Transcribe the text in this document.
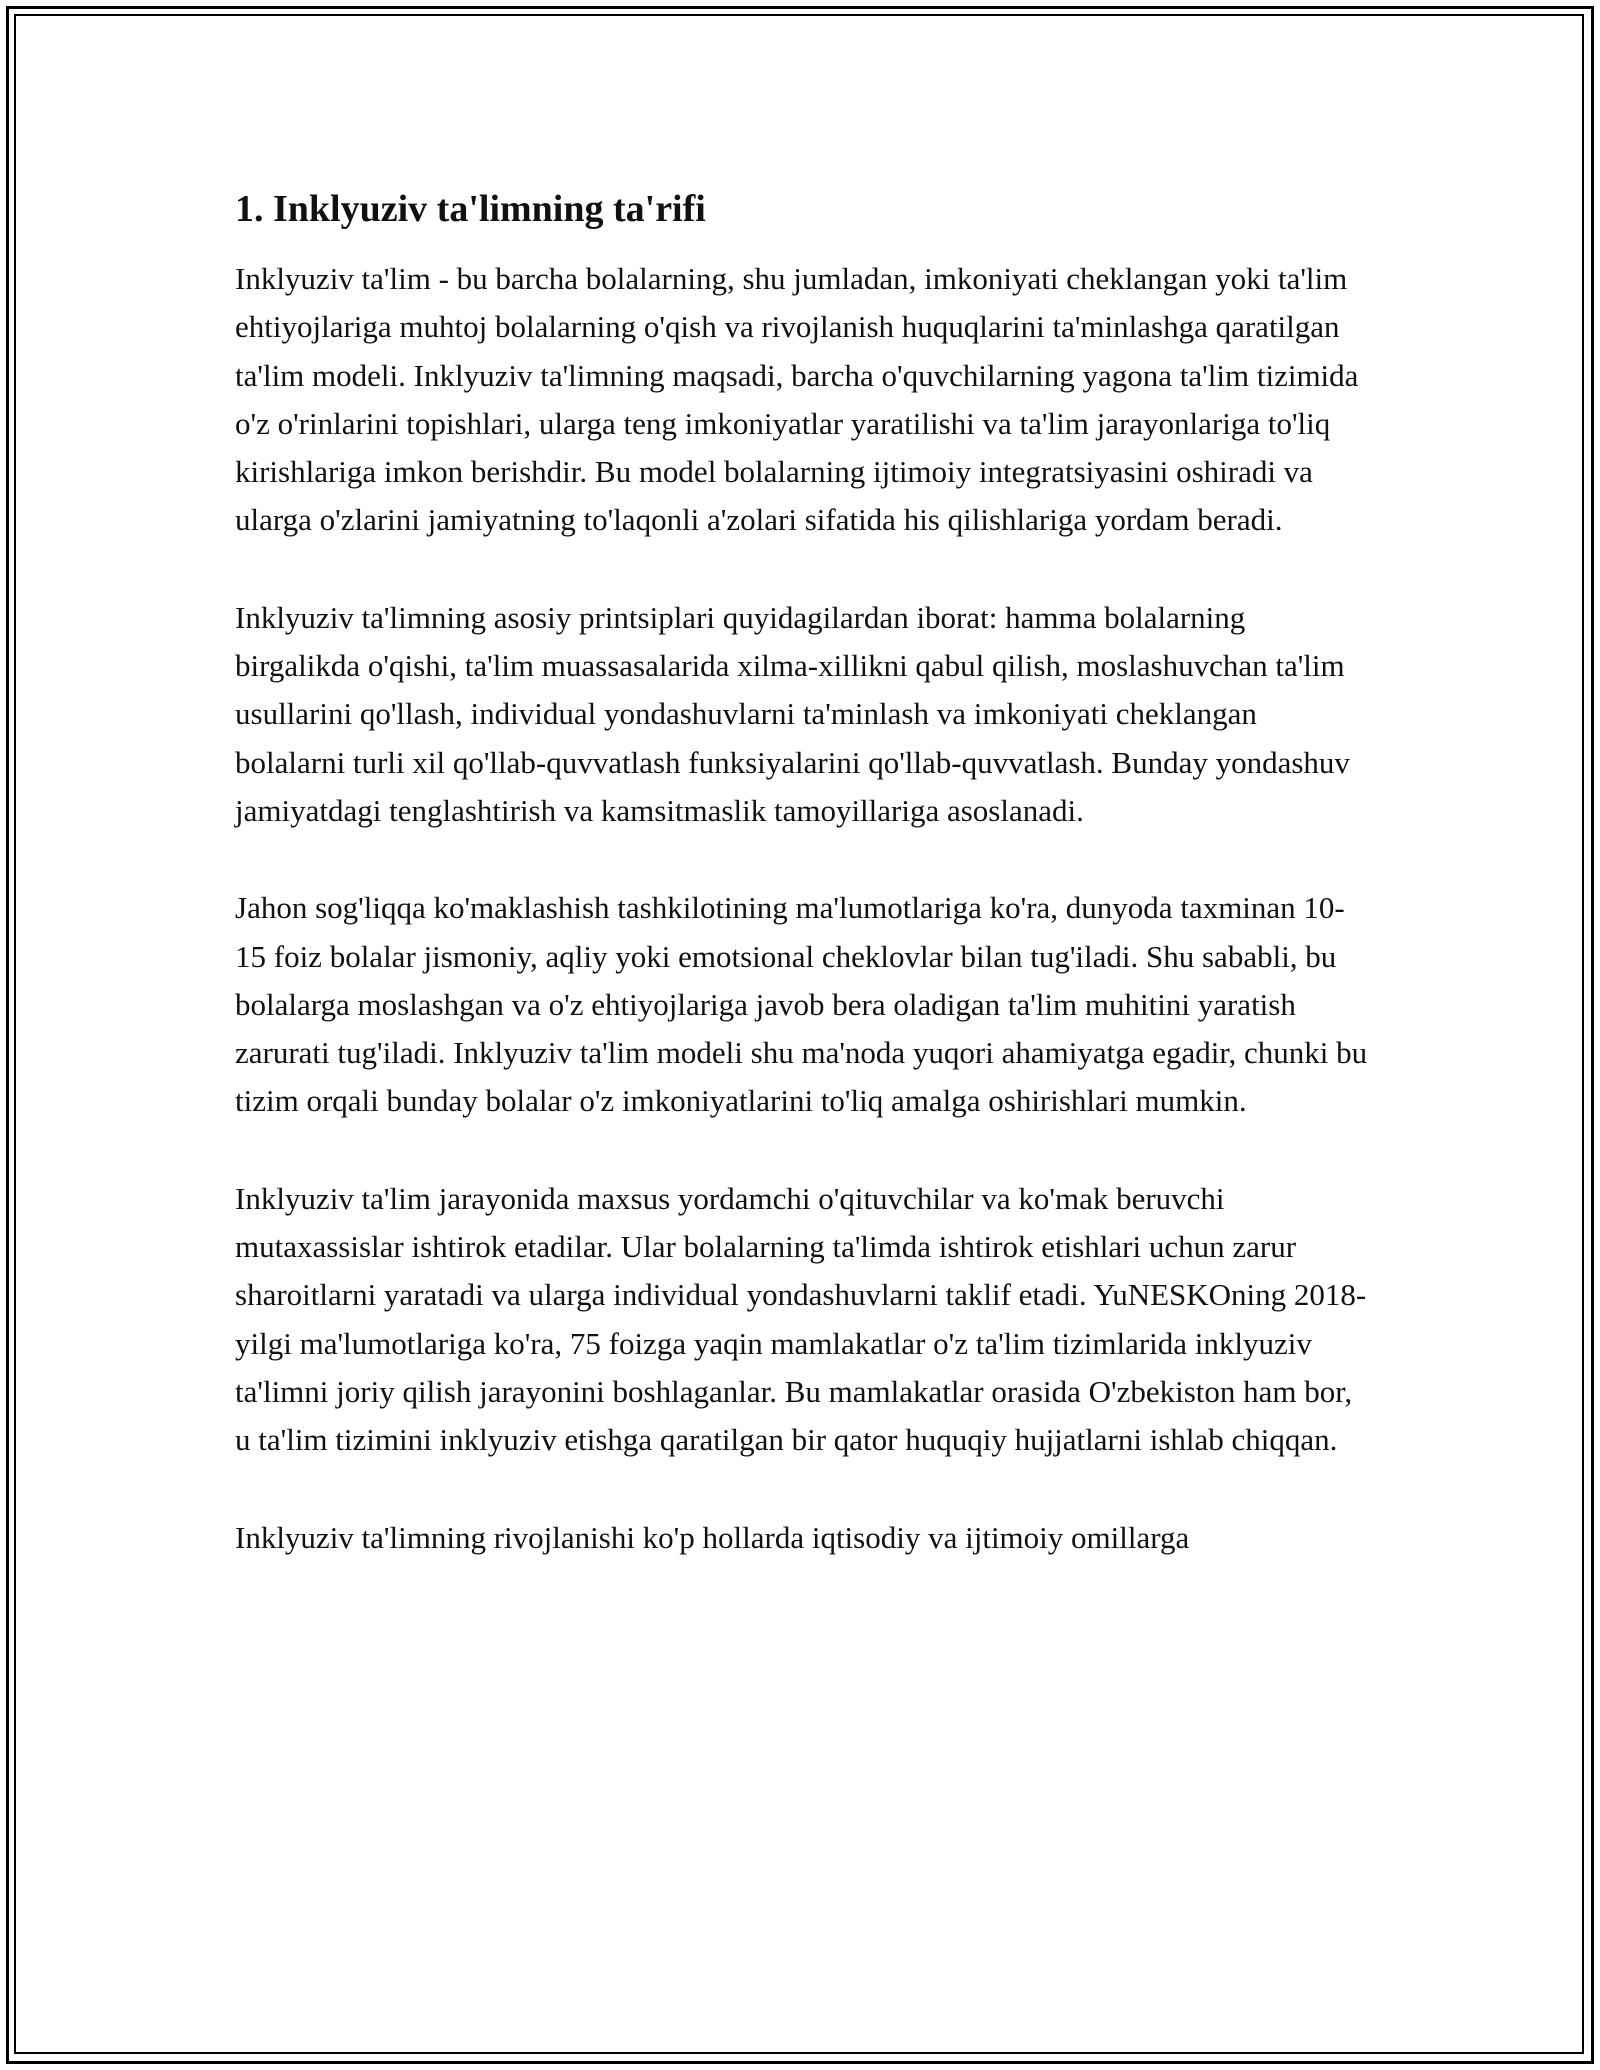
1. Inklyuziv ta'limning ta'rifi

Inklyuziv ta'lim - bu barcha bolalarning, shu jumladan, imkoniyati cheklangan yoki ta'lim ehtiyojlariga muhtoj bolalarning o'qish va rivojlanish huquqlarini ta'minlashga qaratilgan ta'lim modeli. Inklyuziv ta'limning maqsadi, barcha o'quvchilarning yagona ta'lim tizimida o'z o'rinlarini topishlari, ularga teng imkoniyatlar yaratilishi va ta'lim jarayonlariga to'liq kirishlariga imkon berishdir. Bu model bolalarning ijtimoiy integratsiyasini oshiradi va ularga o'zlarini jamiyatning to'laqonli a'zolari sifatida his qilishlariga yordam beradi.

Inklyuziv ta'limning asosiy printsiplari quyidagilardan iborat: hamma bolalarning birgalikda o'qishi, ta'lim muassasalarida xilma-xillikni qabul qilish, moslashuvchan ta'lim usullarini qo'llash, individual yondashuvlarni ta'minlash va imkoniyati cheklangan bolalarni turli xil qo'llab-quvvatlash funksiyalarini qo'llab-quvvatlash. Bunday yondashuv jamiyatdagi tenglashtirish va kamsitmaslik tamoyillariga asoslanadi.

Jahon sog'liqqa ko'maklashish tashkilotining ma'lumotlariga ko'ra, dunyoda taxminan 10-15 foiz bolalar jismoniy, aqliy yoki emotsional cheklovlar bilan tug'iladi. Shu sababli, bu bolalarga moslashgan va o'z ehtiyojlariga javob bera oladigan ta'lim muhitini yaratish zarurati tug'iladi. Inklyuziv ta'lim modeli shu ma'noda yuqori ahamiyatga egadir, chunki bu tizim orqali bunday bolalar o'z imkoniyatlarini to'liq amalga oshirishlari mumkin.

Inklyuziv ta'lim jarayonida maxsus yordamchi o'qituvchilar va ko'mak beruvchi mutaxassislar ishtirok etadilar. Ular bolalarning ta'limda ishtirok etishlari uchun zarur sharoitlarni yaratadi va ularga individual yondashuvlarni taklif etadi. YuNESKOning 2018-yilgi ma'lumotlariga ko'ra, 75 foizga yaqin mamlakatlar o'z ta'lim tizimlarida inklyuziv ta'limni joriy qilish jarayonini boshlaganlar. Bu mamlakatlar orasida O'zbekiston ham bor, u ta'lim tizimini inklyuziv etishga qaratilgan bir qator huquqiy hujjatlarni ishlab chiqqan.

Inklyuziv ta'limning rivojlanishi ko'p hollarda iqtisodiy va ijtimoiy omillarga
